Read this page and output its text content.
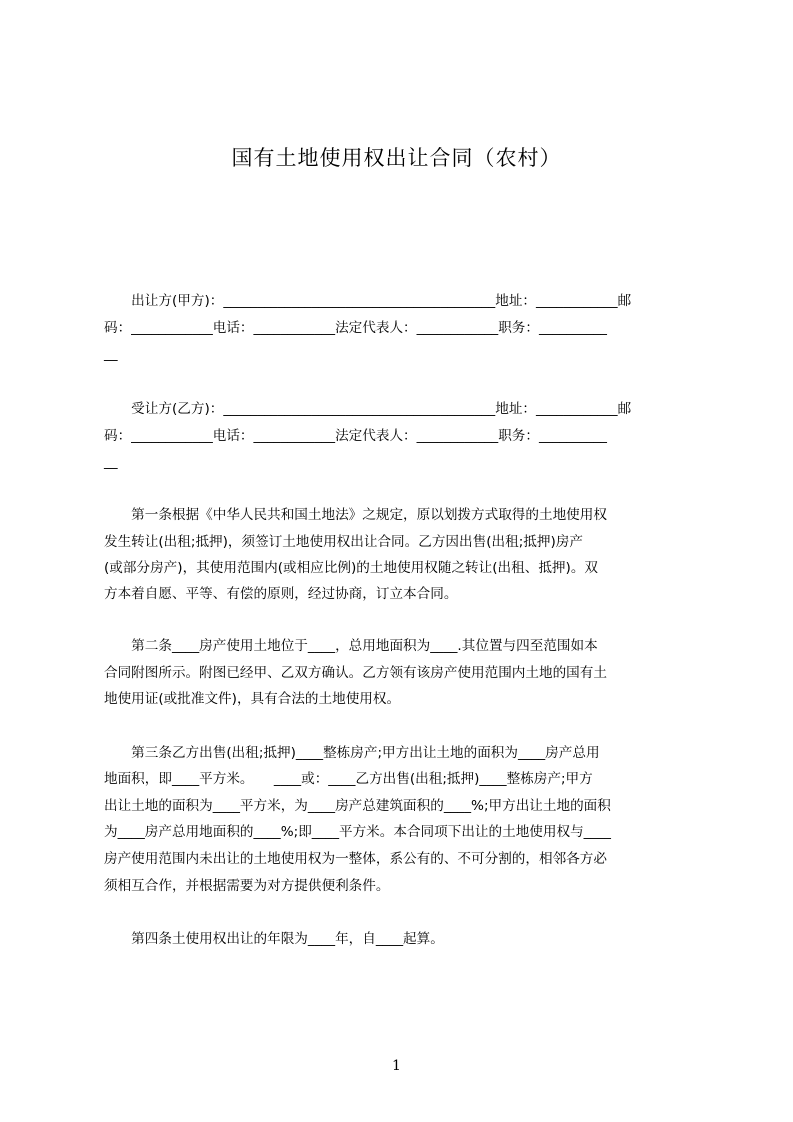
国有土地使用权出让合同（农村）
　　出让方(甲方)：________________________________________地址：____________邮
码：____________电话：____________法定代表人：____________职务：__________
__
　　受让方(乙方)：________________________________________地址：____________邮
码：____________电话：____________法定代表人：____________职务：__________
__
　　第一条根据《中华人民共和国土地法》之规定，原以划拨方式取得的土地使用权
发生转让(出租;抵押)，须签订土地使用权出让合同。乙方因出售(出租;抵押)房产
(或部分房产)，其使用范围内(或相应比例)的土地使用权随之转让(出租、抵押)。双
方本着自愿、平等、有偿的原则，经过协商，订立本合同。
　　第二条____房产使用土地位于____，总用地面积为____.其位置与四至范围如本
合同附图所示。附图已经甲、乙双方确认。乙方领有该房产使用范围内土地的国有土
地使用证(或批准文件)，具有合法的土地使用权。
　　第三条乙方出售(出租;抵押)____整栋房产;甲方出让土地的面积为____房产总用
地面积，即____平方米。　　____或：____乙方出售(出租;抵押)____整栋房产;甲方
出让土地的面积为____平方米，为____房产总建筑面积的____%;甲方出让土地的面积
为____房产总用地面积的____%;即____平方米。本合同项下出让的土地使用权与____
房产使用范围内未出让的土地使用权为一整体，系公有的、不可分割的，相邻各方必
须相互合作，并根据需要为对方提供便利条件。
　　第四条土使用权出让的年限为____年，自____起算。
1
